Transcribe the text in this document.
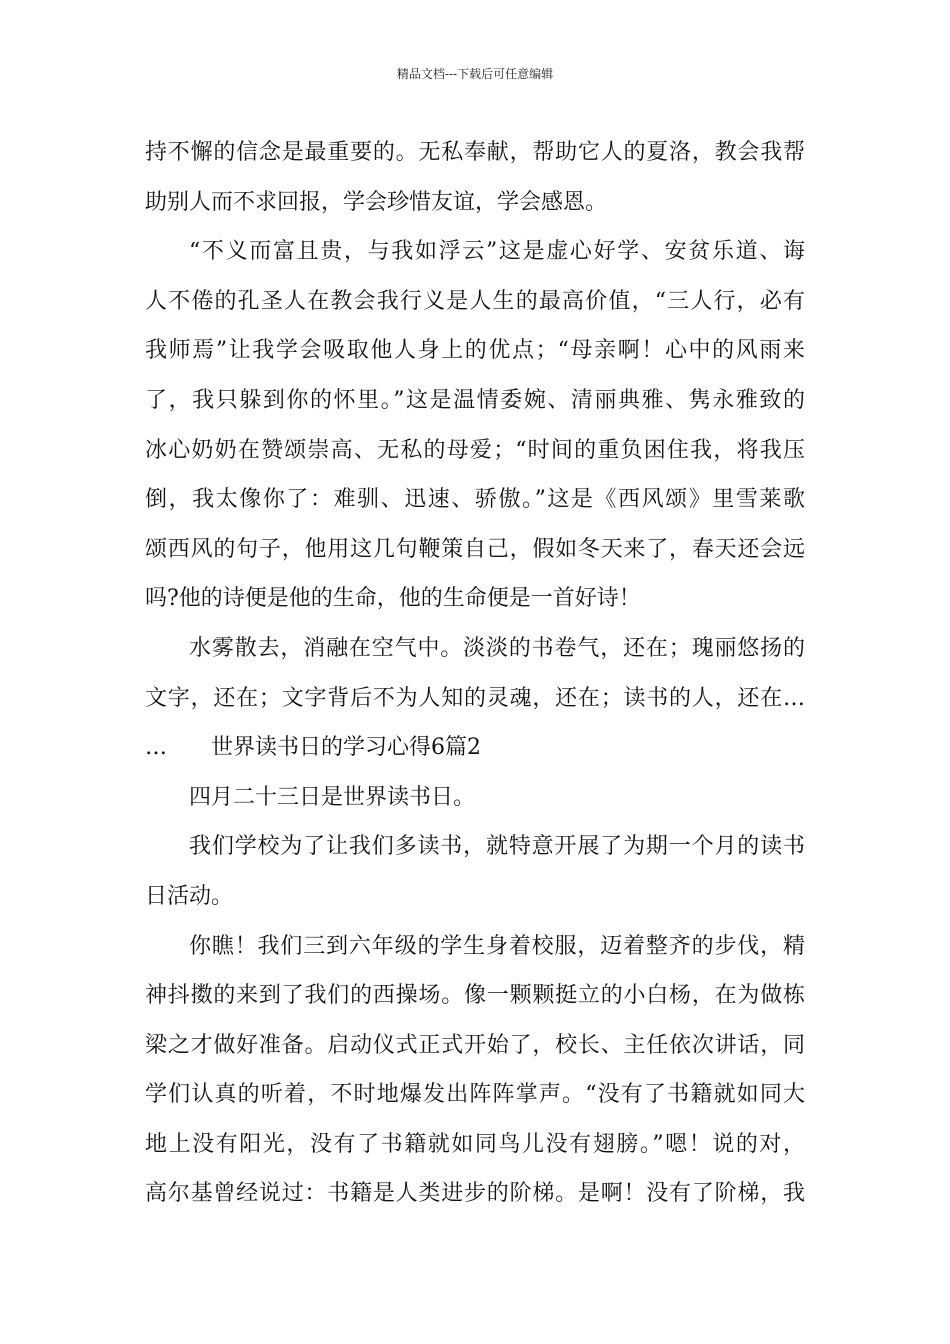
精品文档---下载后可任意编辑
持不懈的信念是最重要的。无私奉献，帮助它人的夏洛，教会我帮
助别人而不求回报，学会珍惜友谊，学会感恩。
“不义而富且贵，与我如浮云”这是虚心好学、安贫乐道、诲
人不倦的孔圣人在教会我行义是人生的最高价值，“三人行，必有
我师焉”让我学会吸取他人身上的优点；“母亲啊！心中的风雨来
了，我只躲到你的怀里。”这是温情委婉、清丽典雅、隽永雅致的
冰心奶奶在赞颂崇高、无私的母爱；“时间的重负困住我，将我压
倒，我太像你了：难驯、迅速、骄傲。”这是《西风颂》里雪莱歌
颂西风的句子，他用这几句鞭策自己，假如冬天来了，春天还会远
吗?他的诗便是他的生命，他的生命便是一首好诗！
水雾散去，消融在空气中。淡淡的书卷气，还在；瑰丽悠扬的
文字，还在；文字背后不为人知的灵魂，还在；读书的人，还在…
… 世界读书日的学习心得6篇2
四月二十三日是世界读书日。
我们学校为了让我们多读书，就特意开展了为期一个月的读书
日活动。
你瞧！我们三到六年级的学生身着校服，迈着整齐的步伐，精
神抖擞的来到了我们的西操场。像一颗颗挺立的小白杨，在为做栋
梁之才做好准备。启动仪式正式开始了，校长、主任依次讲话，同
学们认真的听着，不时地爆发出阵阵掌声。“没有了书籍就如同大
地上没有阳光，没有了书籍就如同鸟儿没有翅膀。”嗯！说的对，
高尔基曾经说过：书籍是人类进步的阶梯。是啊！没有了阶梯，我
